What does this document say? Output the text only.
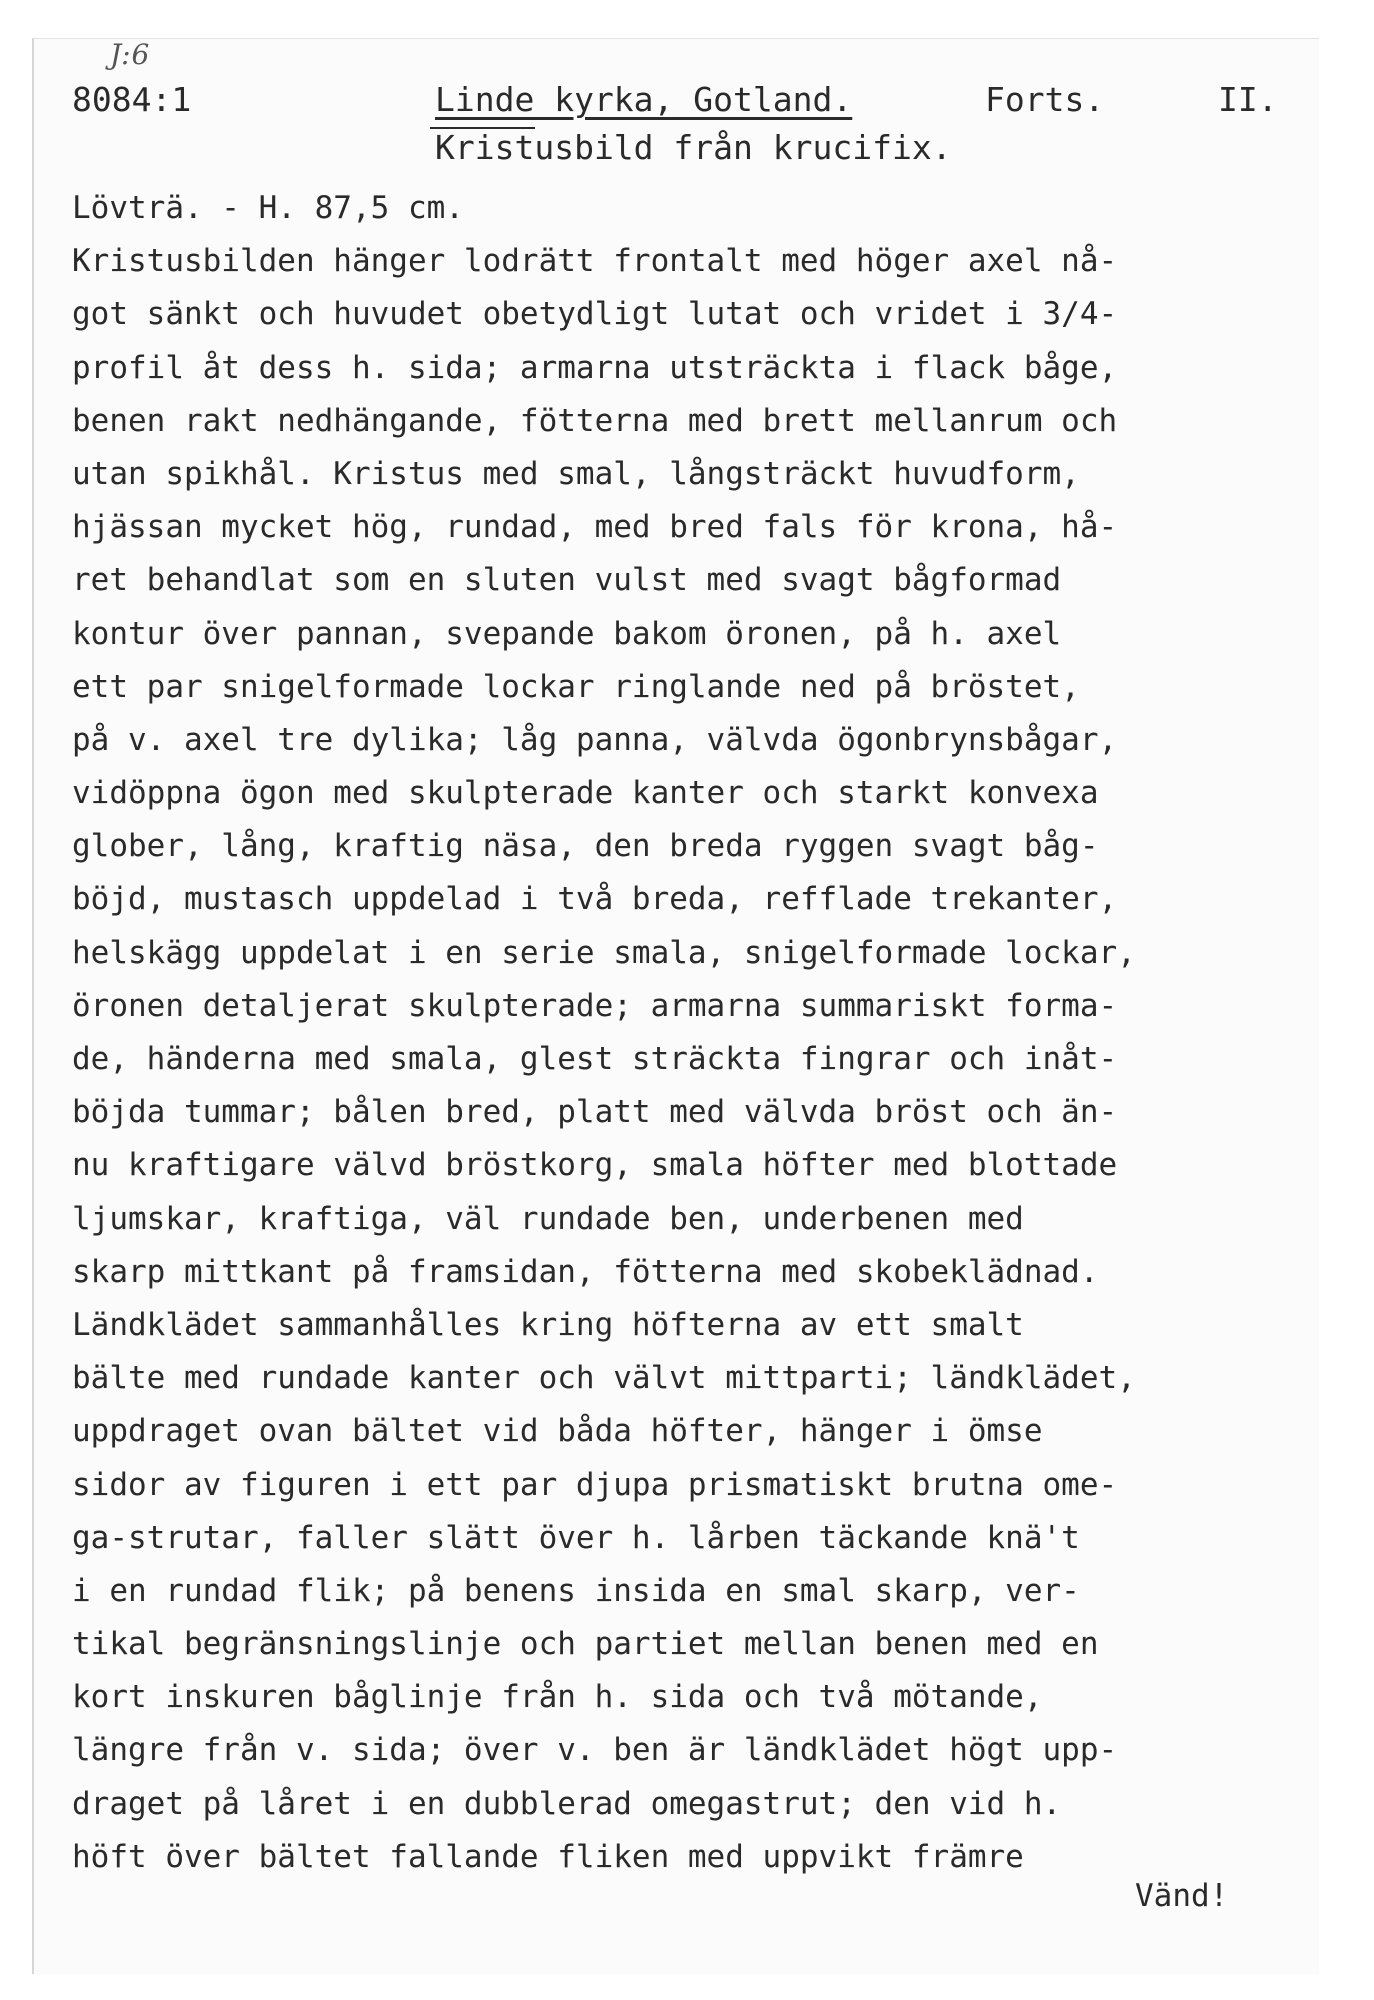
J:6
8084:1	Linde kyrka, Gotland.	Forts.	II.
Kristusbild från krucifix.
Lövträ. - H. 87,5 cm.
Kristusbilden hänger lodrätt frontalt med höger axel nå-
got sänkt och huvudet obetydligt lutat och vridet i 3/4-
profil åt dess h. sida; armarna utsträckta i flack båge,
benen rakt nedhängande, fötterna med brett mellanrum och
utan spikhål. Kristus med smal, långsträckt huvudform,
hjässan mycket hög, rundad, med bred fals för krona, hå-
ret behandlat som en sluten vulst med svagt bågformad
kontur över pannan, svepande bakom öronen, på h. axel
ett par snigelformade lockar ringlande ned på bröstet,
på v. axel tre dylika; låg panna, välvda ögonbrynsbågar,
vidöppna ögon med skulpterade kanter och starkt konvexa
glober, lång, kraftig näsa, den breda ryggen svagt båg-
böjd, mustasch uppdelad i två breda, refflade trekanter,
helskägg uppdelat i en serie smala, snigelformade lockar,
öronen detaljerat skulpterade; armarna summariskt forma-
de, händerna med smala, glest sträckta fingrar och inåt-
böjda tummar; bålen bred, platt med välvda bröst och än-
nu kraftigare välvd bröstkorg, smala höfter med blottade
ljumskar, kraftiga, väl rundade ben, underbenen med
skarp mittkant på framsidan, fötterna med skobeklädnad.
Ländklädet sammanhålles kring höfterna av ett smalt
bälte med rundade kanter och välvt mittparti; ländklädet,
uppdraget ovan bältet vid båda höfter, hänger i ömse
sidor av figuren i ett par djupa prismatiskt brutna ome-
ga-strutar, faller slätt över h. lårben täckande knä't
i en rundad flik; på benens insida en smal skarp, ver-
tikal begränsningslinje och partiet mellan benen med en
kort inskuren båglinje från h. sida och två mötande,
längre från v. sida; över v. ben är ländklädet högt upp-
draget på låret i en dubblerad omegastrut; den vid h.
höft över bältet fallande fliken med uppvikt främre
Vänd!
